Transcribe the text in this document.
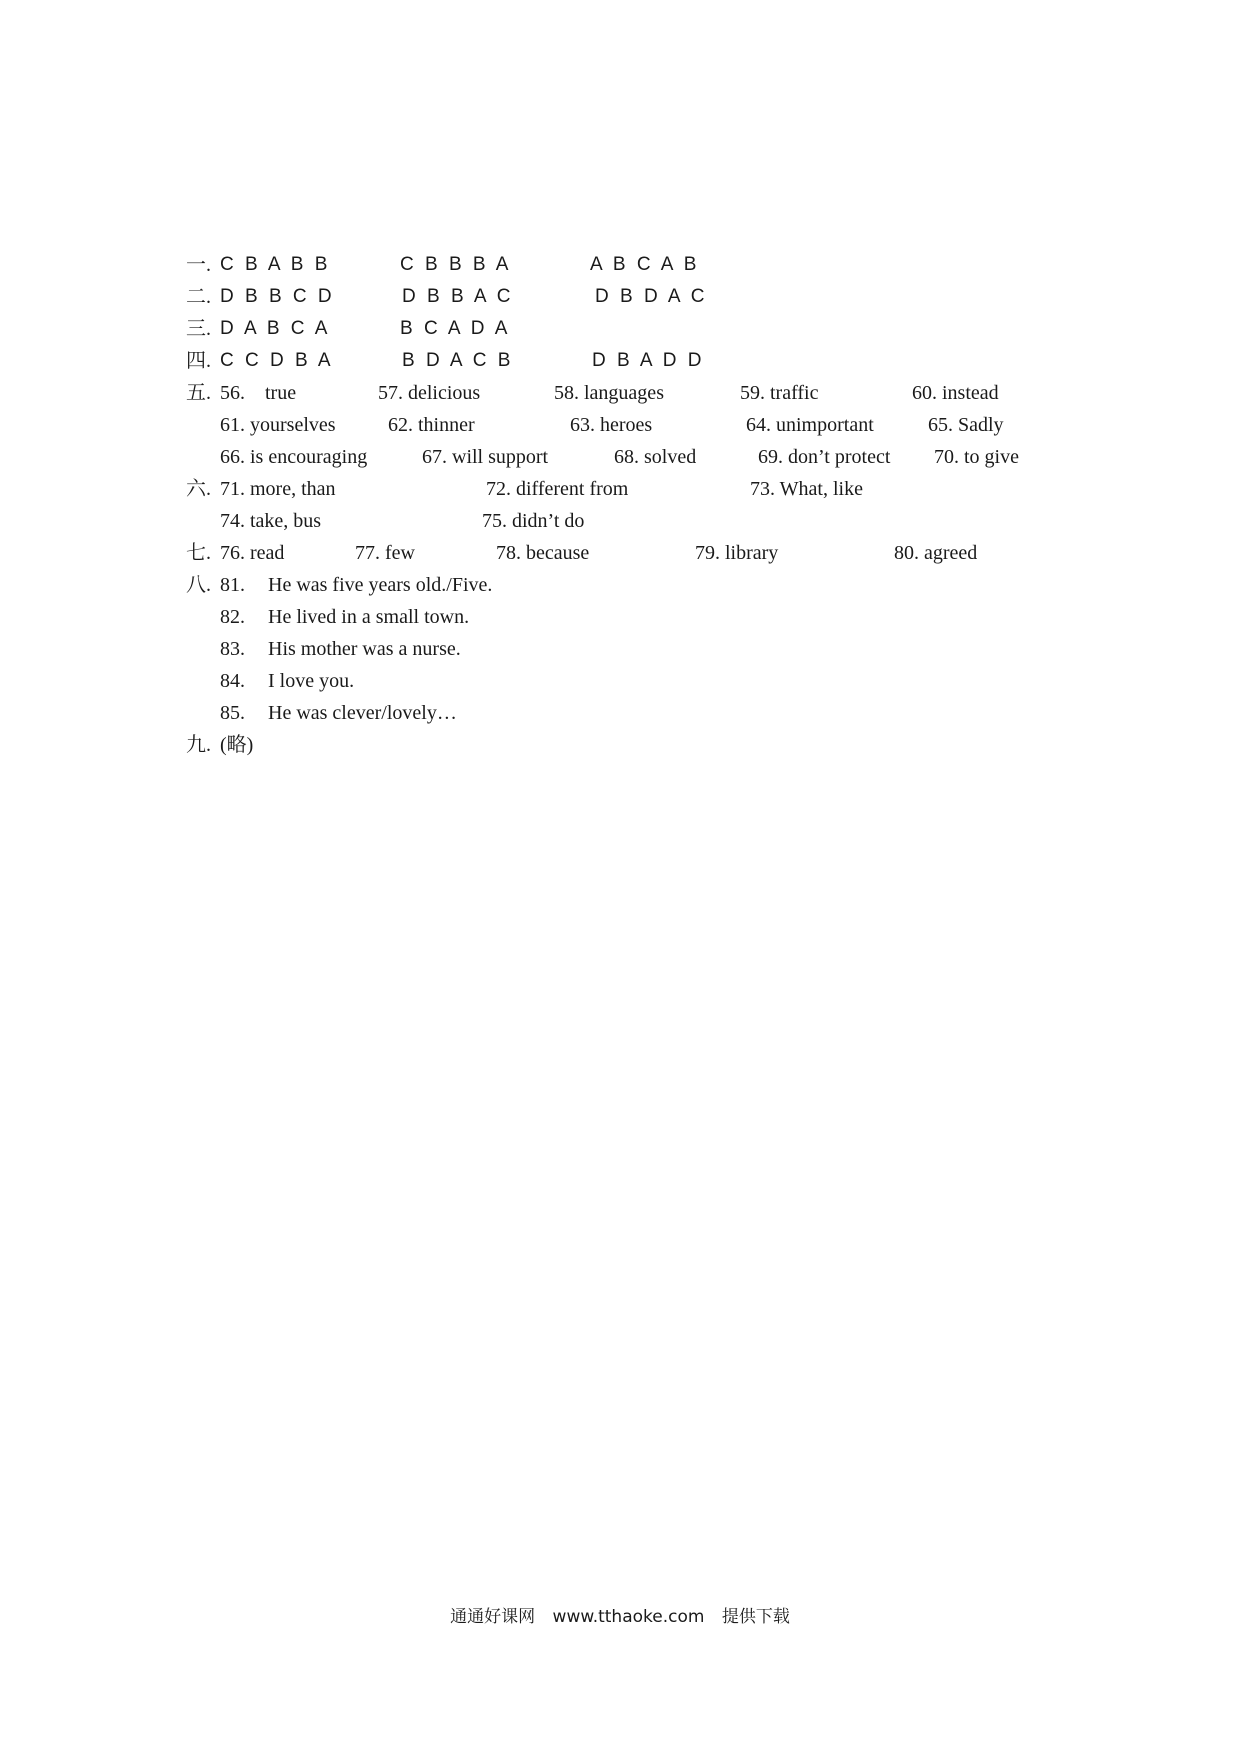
一. C B A B B	C B B B A	A B C A B
二. D B B C D	D B B A C	D B D A C
三. D A B C A	B C A D A
四. C C D B A	B D A C B	D B A D D
五. 56.    true	57. delicious	58. languages	59. traffic	60. instead
61. yourselves	62. thinner	63. heroes	64. unimportant	65. Sadly
66. is encouraging	67. will support	68. solved	69. don’t protect 70. to give
六. 71. more, than	72. different from	73. What, like
74. take, bus	75. didn’t do
七. 76. read	77. few	78. because	79. library	80. agreed
八. 81. He was five years old./Five.
82. He lived in a small town.
83. His mother was a nurse.
84. I love you.
85. He was clever/lovely…
九. (略)
通通好课网 www.tthaoke.com 提供下载
